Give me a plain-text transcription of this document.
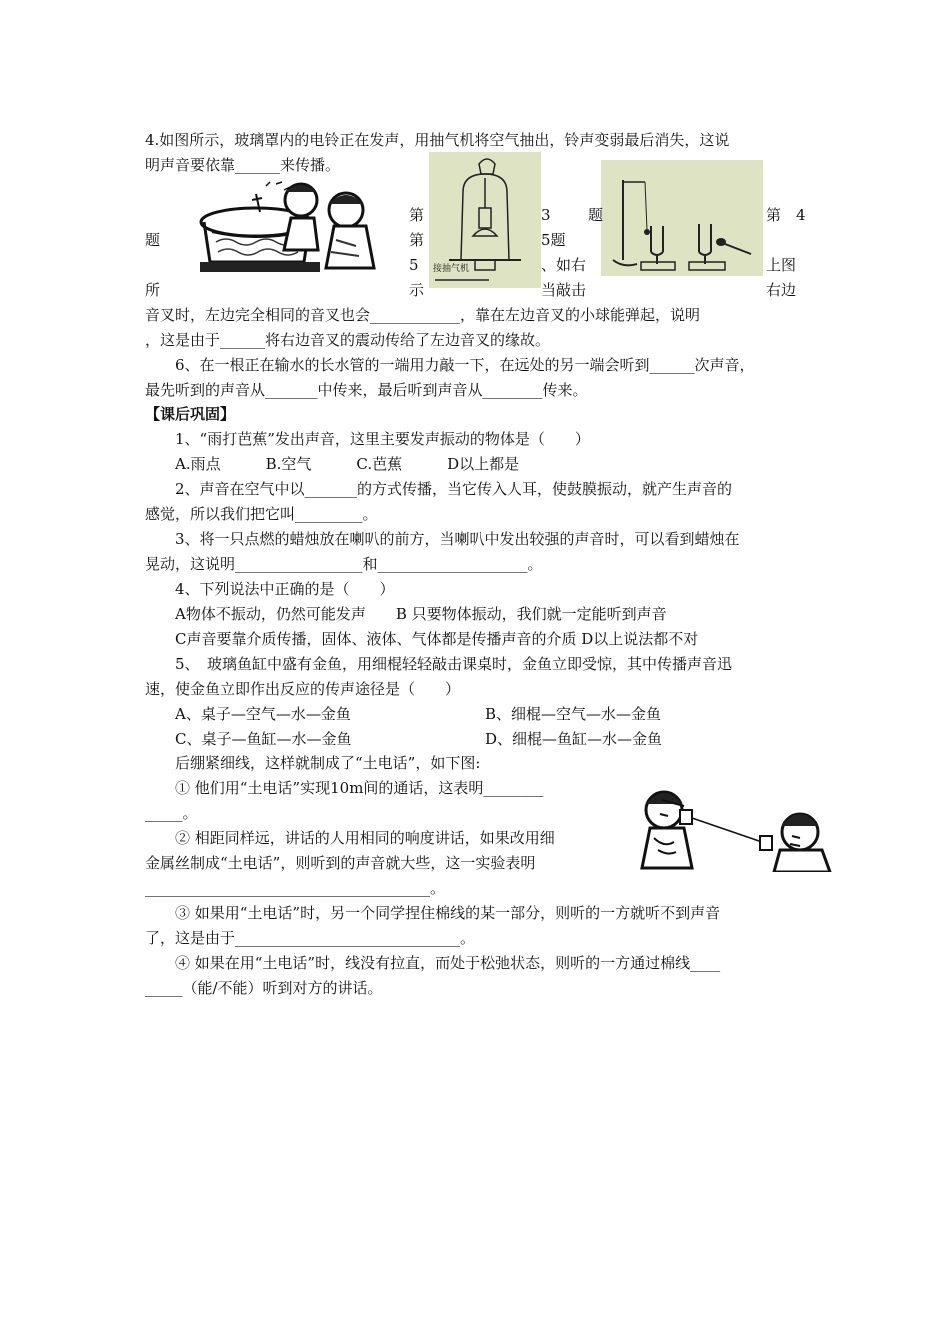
4.如图所示，玻璃罩内的电铃正在发声，用抽气机将空气抽出，铃声变弱最后消失，这说
明声音要依靠______来传播。
接抽气机
第	3 题	第 4
题	第	5题
5	、如右	上图
所	示	当敲击	右边
音叉时，左边完全相同的音叉也会____________，靠在左边音叉的小球能弹起，说明
，这是由于______将右边音叉的震动传给了左边音叉的缘故。
6、在一根正在输水的长水管的一端用力敲一下，在远处的另一端会听到______次声音，
最先听到的声音从_______中传来，最后听到声音从________传来。
【课后巩固】
1、“雨打芭蕉”发出声音，这里主要发声振动的物体是（　　）
A.雨点　　　B.空气　　　C.芭蕉　　　D以上都是
2、声音在空气中以_______的方式传播，当它传入人耳，使鼓膜振动，就产生声音的
感觉，所以我们把它叫_________。
3、将一只点燃的蜡烛放在喇叭的前方，当喇叭中发出较强的声音时，可以看到蜡烛在
晃动，这说明_________________和____________________。
4、下列说法中正确的是（　　）
A物体不振动，仍然可能发声　　B 只要物体振动，我们就一定能听到声音
C声音要靠介质传播，固体、液体、气体都是传播声音的介质 D以上说法都不对
5、　玻璃鱼缸中盛有金鱼，用细棍轻轻敲击课桌时，金鱼立即受惊，其中传播声音迅
速，使金鱼立即作出反应的传声途径是（　　）
A、桌子—空气—水—金鱼	B、细棍—空气—水—金鱼
C、桌子—鱼缸—水—金鱼	D、细棍—鱼缸—水—金鱼
后绷紧细线，这样就制成了“土电话”，如下图:
① 他们用“土电话”实现10m间的通话，这表明________
_____。
② 相距同样远，讲话的人用相同的响度讲话，如果改用细
金属丝制成“土电话”，则听到的声音就大些，这一实验表明
______________________________________。
③ 如果用“土电话”时，另一个同学捏住棉线的某一部分，则听的一方就听不到声音
了，这是由于______________________________。
④ 如果在用“土电话”时，线没有拉直，而处于松弛状态，则听的一方通过棉线____
_____（能/不能）听到对方的讲话。
